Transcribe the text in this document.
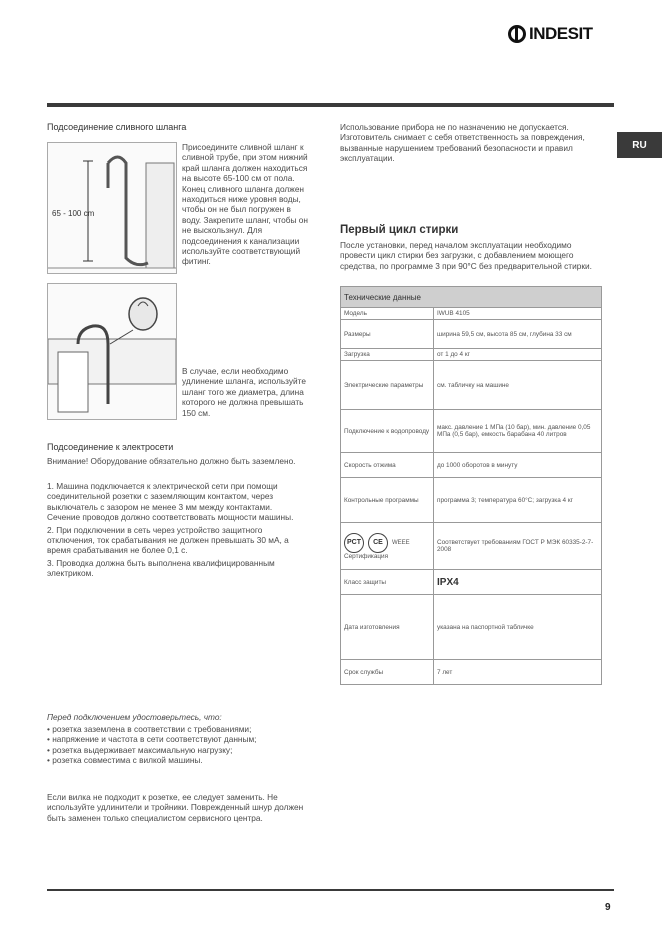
INDESIT
RU
Подсоединение сливного шланга
65 - 100 cm
Присоедините сливной шланг к сливной трубе, при этом нижний край шланга должен находиться на высоте 65-100 см от пола. Конец сливного шланга должен находиться ниже уровня воды, чтобы он не был погружен в воду. Закрепите шланг, чтобы он не выскользнул. Для подсоединения к канализации используйте соответствующий фитинг.
В случае, если необходимо удлинение шланга, используйте шланг того же диаметра, длина которого не должна превышать 150 см.
Подсоединение к электросети
Внимание! Оборудование обязательно должно быть заземлено.
1. Машина подключается к электрической сети при помощи соединительной розетки с заземляющим контактом, через выключатель с зазором не менее 3 мм между контактами. Сечение проводов должно соответствовать мощности машины.
2. При подключении в сеть через устройство защитного отключения, ток срабатывания не должен превышать 30 мА, а время срабатывания не более 0,1 с.
3. Проводка должна быть выполнена квалифицированным электриком.
Перед подключением удостоверьтесь, что:
• розетка заземлена в соответствии с требованиями;
• напряжение и частота в сети соответствуют данным;
• розетка выдерживает максимальную нагрузку;
• розетка совместима с вилкой машины.
Если вилка не подходит к розетке, ее следует заменить. Не используйте удлинители и тройники. Поврежденный шнур должен быть заменен только специалистом сервисного центра.
Использование прибора не по назначению не допускается. Изготовитель снимает с себя ответственность за повреждения, вызванные нарушением требований безопасности и правил эксплуатации.
Первый цикл стирки
После установки, перед началом эксплуатации необходимо провести цикл стирки без загрузки, с добавлением моющего средства, по программе 3 при 90°C без предварительной стирки.
Технические данные	
Модель	IWUB 4105
Размеры	ширина 59,5 см, высота 85 см, глубина 33 см
Загрузка	от 1 до 4 кг
Электрические параметры	см. табличку на машине
Подключение к водопроводу	макс. давление 1 МПа (10 бар), мин. давление 0,05 МПа (0,5 бар), емкость барабана 40 литров
Скорость отжима	до 1000 оборотов в минуту
Контрольные программы	программа 3; температура 60°C; загрузка 4 кг
PCT CE WEEE
Сертификация	Соответствует требованиям ГОСТ Р МЭК 60335-2-7-2008
Класс защиты	IPX4
Дата изготовления	указана на паспортной табличке
Срок службы	7 лет
9
